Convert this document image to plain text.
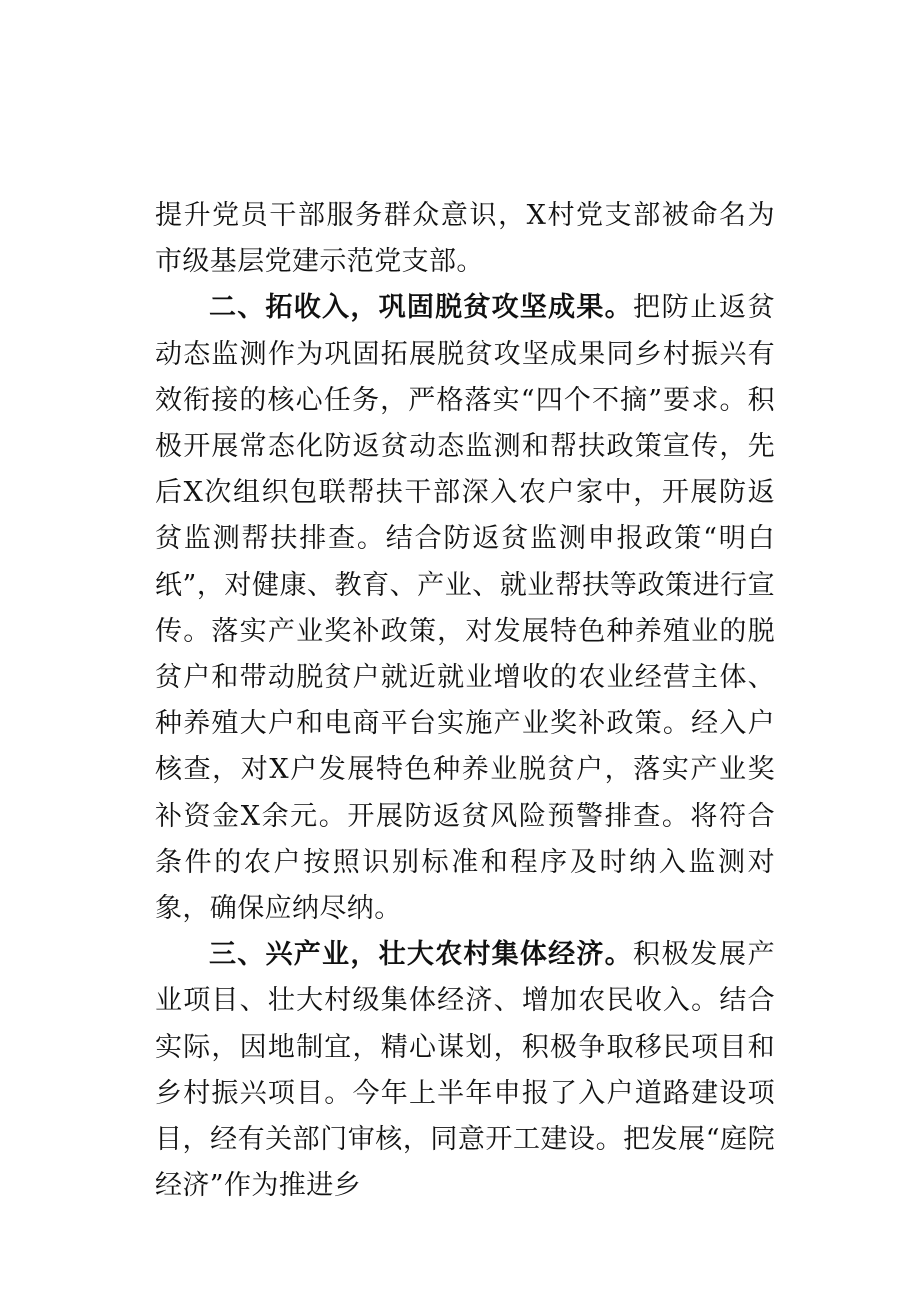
提升党员干部服务群众意识，X村党支部被命名为市级基层党建示范党支部。

二、拓收入，巩固脱贫攻坚成果。把防止返贫动态监测作为巩固拓展脱贫攻坚成果同乡村振兴有效衔接的核心任务，严格落实“四个不摘”要求。积极开展常态化防返贫动态监测和帮扶政策宣传，先后X次组织包联帮扶干部深入农户家中，开展防返贫监测帮扶排查。结合防返贫监测申报政策“明白纸”，对健康、教育、产业、就业帮扶等政策进行宣传。落实产业奖补政策，对发展特色种养殖业的脱贫户和带动脱贫户就近就业增收的农业经营主体、种养殖大户和电商平台实施产业奖补政策。经入户核查，对X户发展特色种养业脱贫户，落实产业奖补资金X余元。开展防返贫风险预警排查。将符合条件的农户按照识别标准和程序及时纳入监测对象，确保应纳尽纳。

三、兴产业，壮大农村集体经济。积极发展产业项目、壮大村级集体经济、增加农民收入。结合实际，因地制宜，精心谋划，积极争取移民项目和乡村振兴项目。今年上半年申报了入户道路建设项目，经有关部门审核，同意开工建设。把发展“庭院经济”作为推进乡
